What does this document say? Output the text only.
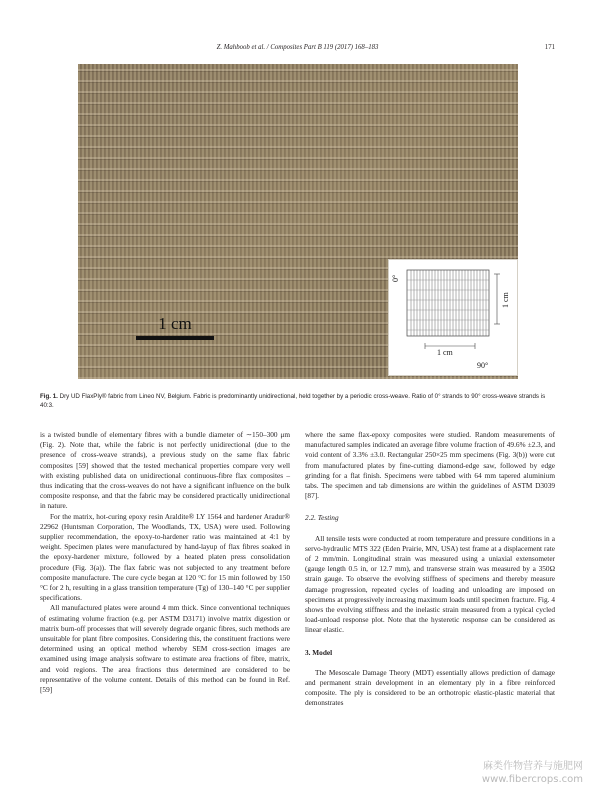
Z. Mahboob et al. / Composites Part B 119 (2017) 168–183	171
1 cm
0°
1 cm
1 cm
90°
Fig. 1. Dry UD FlaxPly® fabric from Lineo NV, Belgium. Fabric is predominantly unidirectional, held together by a periodic cross-weave. Ratio of 0° strands to 90° cross-weave strands is 40:3.

is a twisted bundle of elementary fibres with a bundle diameter of ∼150–300 μm (Fig. 2). Note that, while the fabric is not perfectly unidirectional (due to the presence of cross-weave strands), a previous study on the same flax fabric composites [59] showed that the tested mechanical properties compare very well with existing published data on unidirectional continuous-fibre flax composites – thus indicating that the cross-weaves do not have a significant influence on the bulk composite response, and that the fabric may be considered practically unidirectional in nature.

For the matrix, hot-curing epoxy resin Araldite® LY 1564 and hardener Aradur® 22962 (Huntsman Corporation, The Woodlands, TX, USA) were used. Following supplier recommendation, the epoxy-to-hardener ratio was maintained at 4:1 by weight. Specimen plates were manufactured by hand-layup of flax fibres soaked in the epoxy-hardener mixture, followed by a heated platen press consolidation procedure (Fig. 3(a)). The flax fabric was not subjected to any treatment before composite manufacture. The cure cycle began at 120 °C for 15 min followed by 150 °C for 2 h, resulting in a glass transition temperature (Tg) of 130–140 °C per supplier specifications.

All manufactured plates were around 4 mm thick. Since conventional techniques of estimating volume fraction (e.g. per ASTM D3171) involve matrix digestion or matrix burn-off processes that will severely degrade organic fibres, such methods are unsuitable for plant fibre composites. Considering this, the constituent fractions were determined using an optical method whereby SEM cross-section images are examined using image analysis software to estimate area fractions of fibre, matrix, and void regions. The area fractions thus determined are considered to be representative of the volume content. Details of this method can be found in Ref. [59]

where the same flax-epoxy composites were studied. Random measurements of manufactured samples indicated an average fibre volume fraction of 49.6% ±2.3, and void content of 3.3% ±3.0. Rectangular 250×25 mm specimens (Fig. 3(b)) were cut from manufactured plates by fine-cutting diamond-edge saw, followed by edge grinding for a flat finish. Specimens were tabbed with 64 mm tapered aluminium tabs. The specimen and tab dimensions are within the guidelines of ASTM D3039 [87].

2.2. Testing

All tensile tests were conducted at room temperature and pressure conditions in a servo-hydraulic MTS 322 (Eden Prairie, MN, USA) test frame at a displacement rate of 2 mm/min. Longitudinal strain was measured using a uniaxial extensometer (gauge length 0.5 in, or 12.7 mm), and transverse strain was measured by a 350Ω strain gauge. To observe the evolving stiffness of specimens and thereby measure damage progression, repeated cycles of loading and unloading are imposed on specimens at progressively increasing maximum loads until specimen fracture. Fig. 4 shows the evolving stiffness and the inelastic strain measured from a typical cycled load-unload response plot. Note that the hysteretic response can be considered as linear elastic.

3. Model

The Mesoscale Damage Theory (MDT) essentially allows prediction of damage and permanent strain development in an elementary ply in a fibre reinforced composite. The ply is considered to be an orthotropic elastic-plastic material that demonstrates

麻类作物营养与施肥网
www.fibercrops.com
